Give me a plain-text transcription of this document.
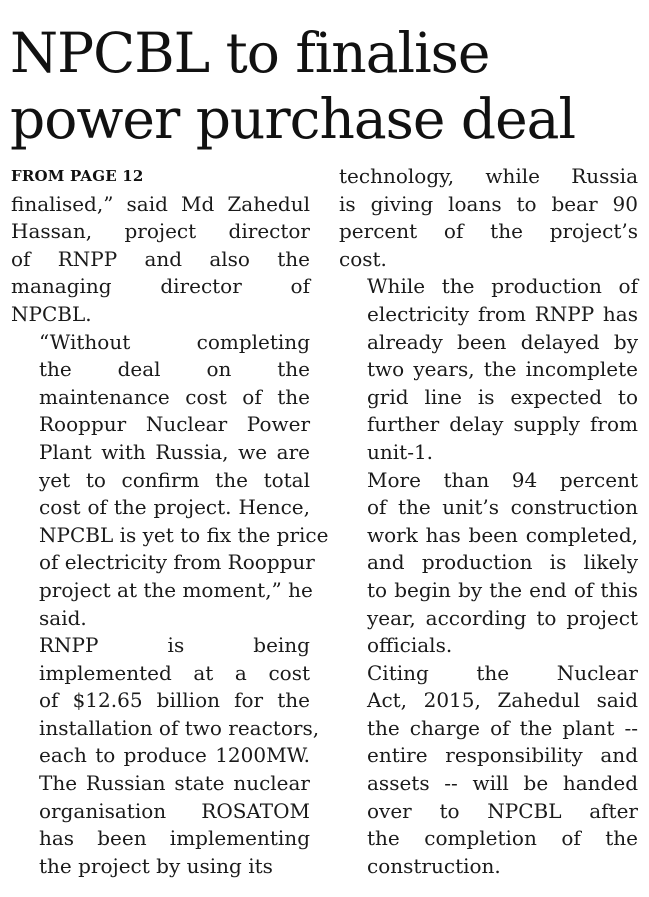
NPCBL to finalise
power purchase deal

FROM PAGE 12

finalised,” said Md Zahedul
Hassan, project director
of RNPP and also the
managing director of
NPCBL.
“Without completing
the deal on the
maintenance cost of the
Rooppur Nuclear Power
Plant with Russia, we are
yet to confirm the total
cost of the project. Hence,
NPCBL is yet to fix the price
of electricity from Rooppur
project at the moment,” he
said.
RNPP is being
implemented at a cost
of $12.65 billion for the
installation of two reactors,
each to produce 1200MW.
The Russian state nuclear
organisation ROSATOM
has been implementing
the project by using its
technology, while Russia
is giving loans to bear 90
percent of the project’s
cost.
While the production of
electricity from RNPP has
already been delayed by
two years, the incomplete
grid line is expected to
further delay supply from
unit-1.
More than 94 percent
of the unit’s construction
work has been completed,
and production is likely
to begin by the end of this
year, according to project
officials.
Citing the Nuclear
Act, 2015, Zahedul said
the charge of the plant --
entire responsibility and
assets -- will be handed
over to NPCBL after
the completion of the
construction.
